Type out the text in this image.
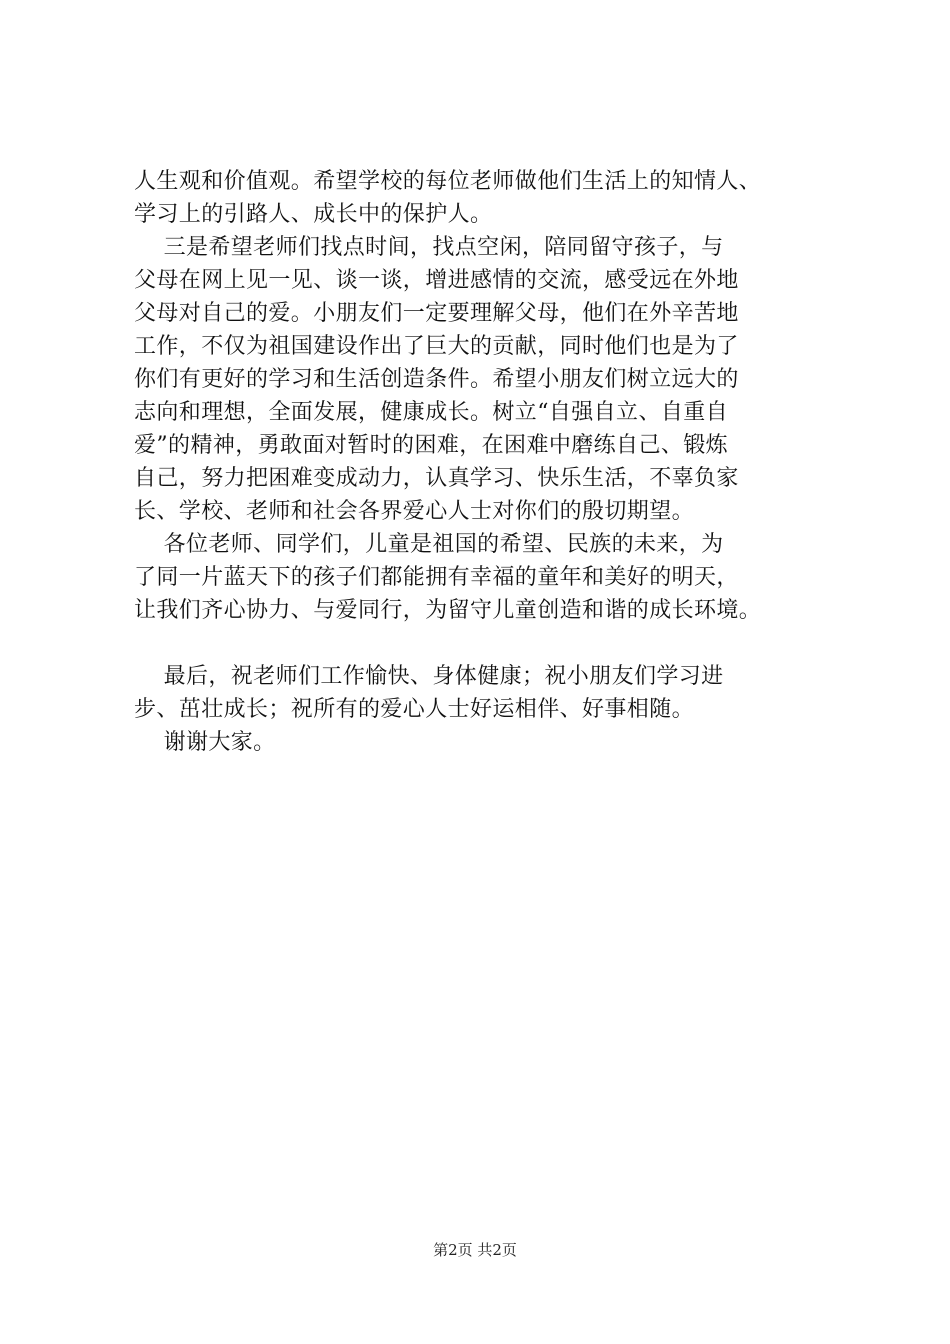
人生观和价值观。希望学校的每位老师做他们生活上的知情人、
学习上的引路人、成长中的保护人。
三是希望老师们找点时间，找点空闲，陪同留守孩子，与
父母在网上见一见、谈一谈，增进感情的交流，感受远在外地
父母对自己的爱。小朋友们一定要理解父母，他们在外辛苦地
工作，不仅为祖国建设作出了巨大的贡献，同时他们也是为了
你们有更好的学习和生活创造条件。希望小朋友们树立远大的
志向和理想，全面发展，健康成长。树立“自强自立、自重自
爱”的精神，勇敢面对暂时的困难，在困难中磨练自己、锻炼
自己，努力把困难变成动力，认真学习、快乐生活，不辜负家
长、学校、老师和社会各界爱心人士对你们的殷切期望。
各位老师、同学们，儿童是祖国的希望、民族的未来，为
了同一片蓝天下的孩子们都能拥有幸福的童年和美好的明天，
让我们齐心协力、与爱同行，为留守儿童创造和谐的成长环境。
最后，祝老师们工作愉快、身体健康；祝小朋友们学习进
步、茁壮成长；祝所有的爱心人士好运相伴、好事相随。
谢谢大家。
第2页 共2页
